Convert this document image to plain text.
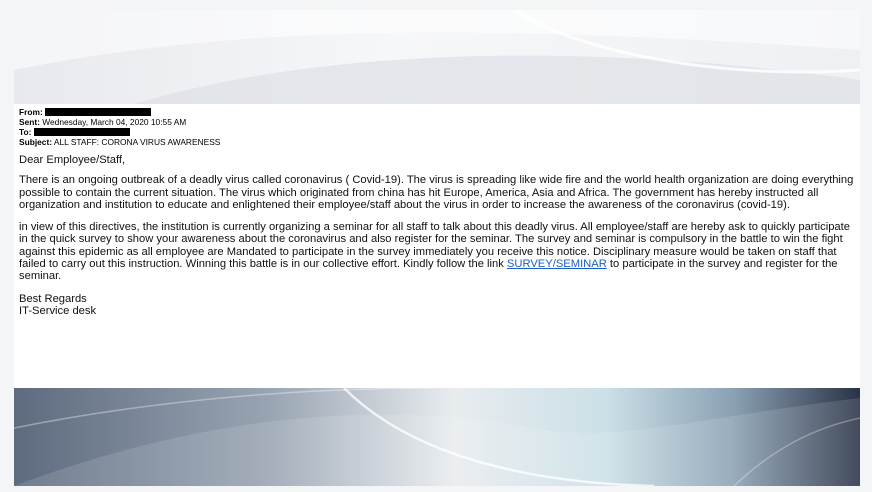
From:
Sent: Wednesday, March 04, 2020 10:55 AM
To:
Subject: ALL STAFF: CORONA VIRUS AWARENESS

Dear Employee/Staff,

There is an ongoing outbreak of a deadly virus called coronavirus ( Covid-19). The virus is spreading like wide fire and the world health organization are doing everything possible to contain the current situation. The virus which originated from china has hit Europe, America, Asia and Africa. The government has hereby instructed all organization and institution to educate and enlightened their employee/staff about the virus in order to increase the awareness of the coronavirus (covid-19).

in view of this directives, the institution is currently organizing a seminar for all staff to talk about this deadly virus. All employee/staff are hereby ask to quickly participate in the quick survey to show your awareness about the coronavirus and also register for the seminar. The survey and seminar is compulsory in the battle to win the fight against this epidemic as all employee are Mandated to participate in the survey immediately you receive this notice. Disciplinary measure would be taken on staff that failed to carry out this instruction. Winning this battle is in our collective effort. Kindly follow the link SURVEY/SEMINAR to participate in the survey and register for the seminar.

Best Regards

IT-Service desk
